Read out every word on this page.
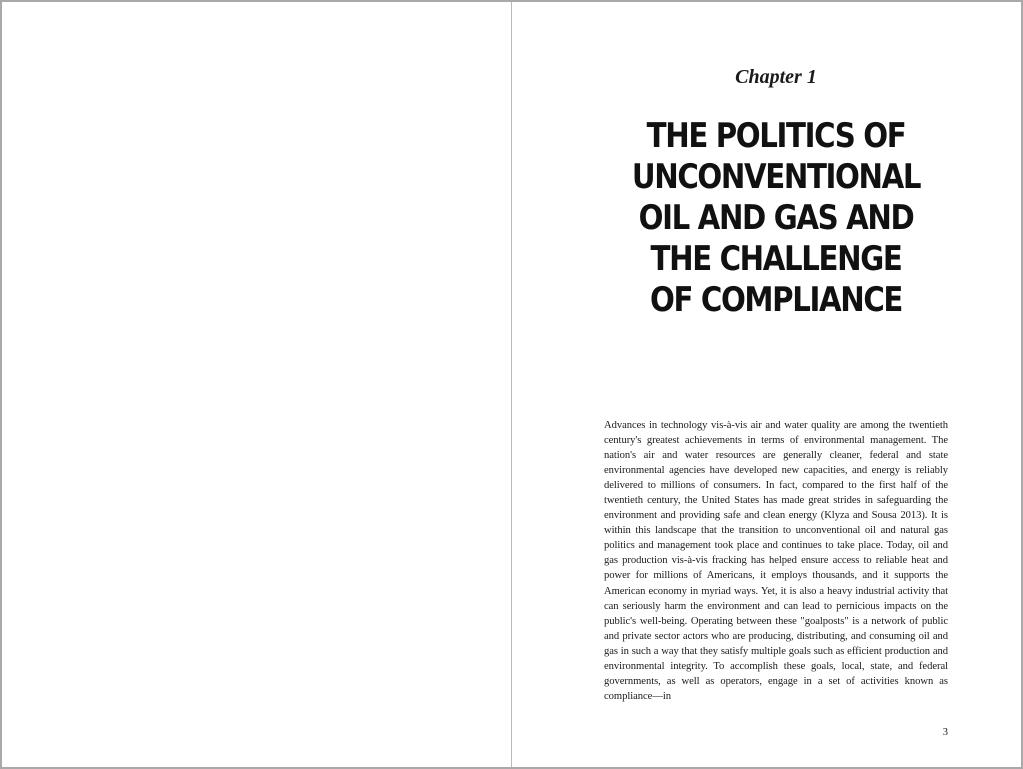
Chapter 1
THE POLITICS OF UNCONVENTIONAL OIL AND GAS AND THE CHALLENGE OF COMPLIANCE

Advances in technology vis-à-vis air and water quality are among the twentieth century's greatest achievements in terms of environmental management. The nation's air and water resources are generally cleaner, federal and state environmental agencies have developed new capacities, and energy is reliably delivered to millions of consumers. In fact, compared to the first half of the twentieth century, the United States has made great strides in safeguarding the environment and providing safe and clean energy (Klyza and Sousa 2013). It is within this landscape that the transition to unconventional oil and natural gas politics and management took place and continues to take place. Today, oil and gas production vis-à-vis fracking has helped ensure access to reliable heat and power for millions of Americans, it employs thousands, and it supports the American economy in myriad ways. Yet, it is also a heavy industrial activity that can seriously harm the environment and can lead to pernicious impacts on the public's well-being. Operating between these "goalposts" is a network of public and private sector actors who are producing, distributing, and consuming oil and gas in such a way that they satisfy multiple goals such as efficient production and environmental integrity. To accomplish these goals, local, state, and federal governments, as well as operators, engage in a set of activities known as compliance—in

3
